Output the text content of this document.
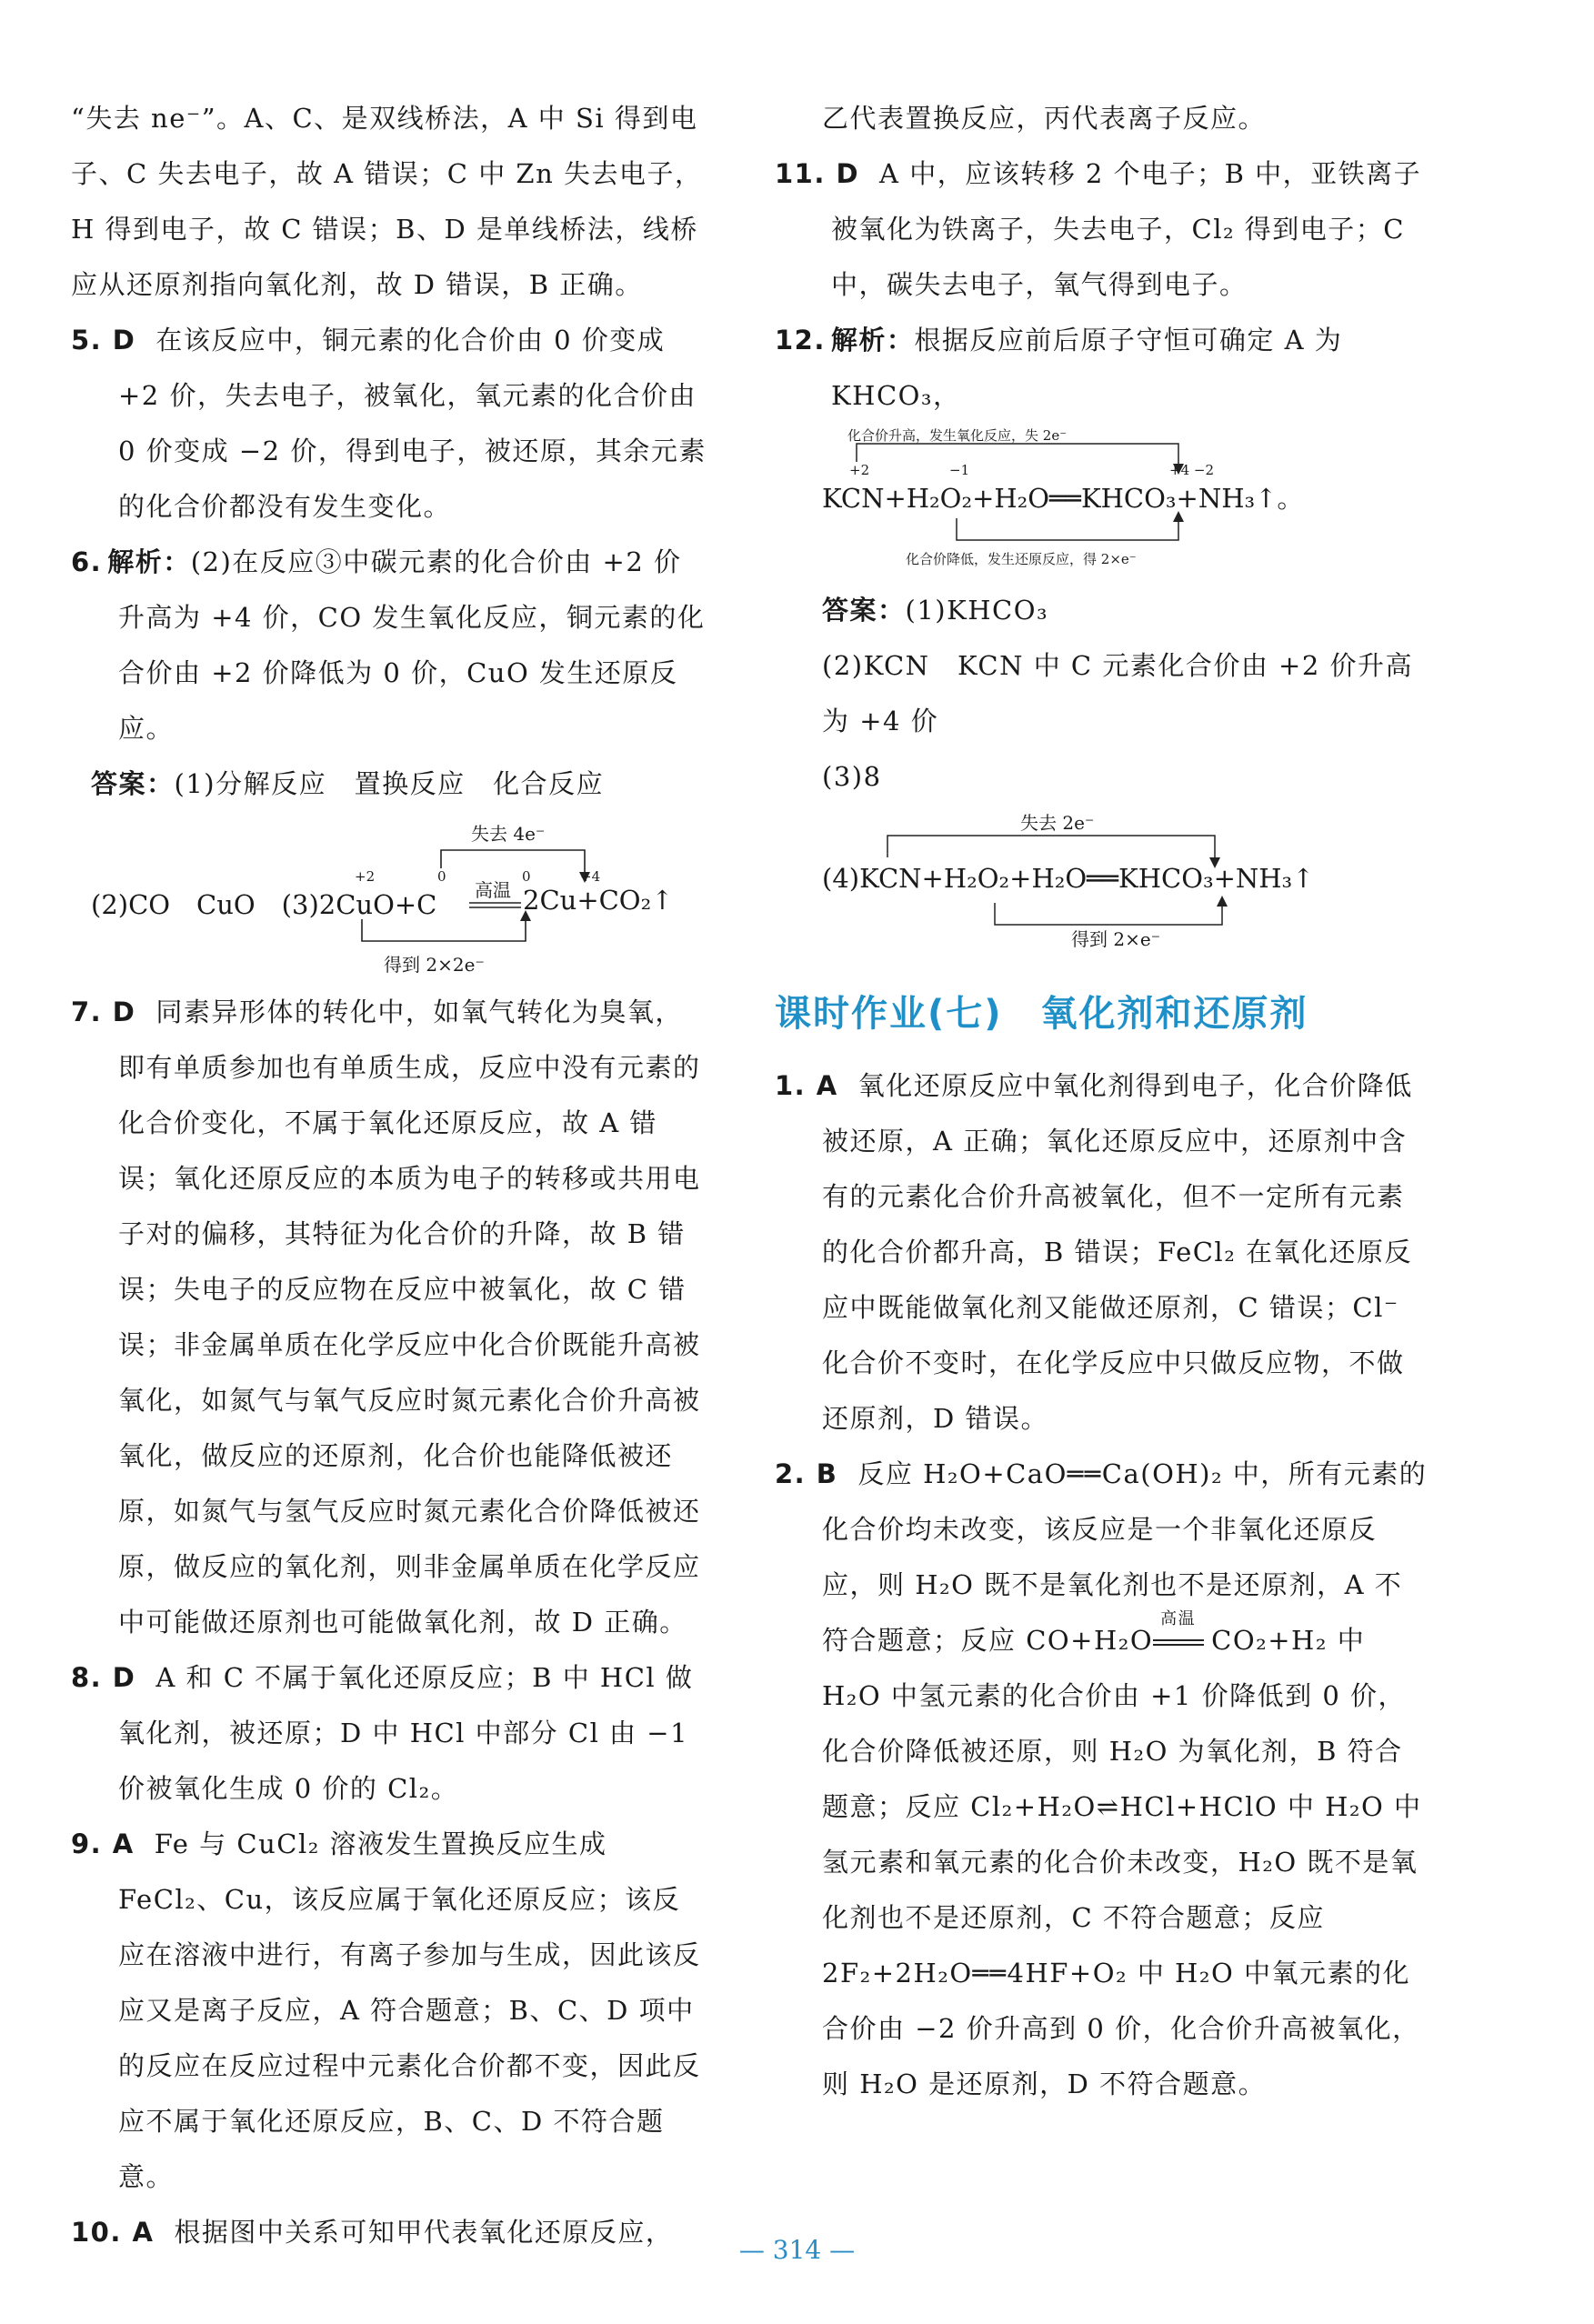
“失去 ne⁻”。A、C、是双线桥法，A 中 Si 得到电子、C 失去电子，故 A 错误；C 中 Zn 失去电子，H 得到电子，故 C 错误；B、D 是单线桥法，线桥应从还原剂指向氧化剂，故 D 错误，B 正确。

5. D 在该反应中，铜元素的化合价由 0 价变成 +2 价，失去电子，被氧化，氧元素的化合价由 0 价变成 −2 价，得到电子，被还原，其余元素的化合价都没有发生变化。

6. 解析：(2)在反应③中碳元素的化合价由 +2 价升高为 +4 价，CO 发生氧化反应，铜元素的化合价由 +2 价降低为 0 价，CuO 发生还原反应。

答案：(1)分解反应　置换反应　化合反应

失去 4e⁻
+2	0	0	+4
高温
(2)CO　CuO　(3)2CuO+C	2Cu+CO₂↑
得到 2×2e⁻

7. D 同素异形体的转化中，如氧气转化为臭氧，即有单质参加也有单质生成，反应中没有元素的化合价变化，不属于氧化还原反应，故 A 错误；氧化还原反应的本质为电子的转移或共用电子对的偏移，其特征为化合价的升降，故 B 错误；失电子的反应物在反应中被氧化，故 C 错误；非金属单质在化学反应中化合价既能升高被氧化，如氮气与氧气反应时氮元素化合价升高被氧化，做反应的还原剂，化合价也能降低被还原，如氮气与氢气反应时氮元素化合价降低被还原，做反应的氧化剂，则非金属单质在化学反应中可能做还原剂也可能做氧化剂，故 D 正确。

8. D A 和 C 不属于氧化还原反应；B 中 HCl 做氧化剂，被还原；D 中 HCl 中部分 Cl 由 −1 价被氧化生成 0 价的 Cl₂。

9. A Fe 与 CuCl₂ 溶液发生置换反应生成 FeCl₂、Cu，该反应属于氧化还原反应；该反应在溶液中进行，有离子参加与生成，因此该反应又是离子反应，A 符合题意；B、C、D 项中的反应在反应过程中元素化合价都不变，因此反应不属于氧化还原反应，B、C、D 不符合题意。

10. A 根据图中关系可知甲代表氧化还原反应，

乙代表置换反应，丙代表离子反应。

11. D A 中，应该转移 2 个电子；B 中，亚铁离子被氧化为铁离子，失去电子，Cl₂ 得到电子；C 中，碳失去电子，氧气得到电子。

12. 解析：根据反应前后原子守恒可确定 A 为 KHCO₃，

化合价升高，发生氧化反应，失 2e⁻
+2	−1	+4 −2
KCN+H₂O₂+H₂O══KHCO₃+NH₃↑。
化合价降低，发生还原反应，得 2×e⁻

答案：(1)KHCO₃

(2)KCN　KCN 中 C 元素化合价由 +2 价升高为 +4 价

(3)8

失去 2e⁻
(4)KCN+H₂O₂+H₂O══KHCO₃+NH₃↑
得到 2×e⁻
课时作业(七)　氧化剂和还原剂

1. A 氧化还原反应中氧化剂得到电子，化合价降低被还原，A 正确；氧化还原反应中，还原剂中含有的元素化合价升高被氧化，但不一定所有元素的化合价都升高，B 错误；FeCl₂ 在氧化还原反应中既能做氧化剂又能做还原剂，C 错误；Cl⁻ 化合价不变时，在化学反应中只做反应物，不做还原剂，D 错误。

2. B 反应 H₂O+CaO══Ca(OH)₂ 中，所有元素的化合价均未改变，该反应是一个非氧化还原反应，则 H₂O 既不是氧化剂也不是还原剂，A 不符合题意；反应 CO+H₂O
高温
CO₂+H₂ 中 H₂O 中氢元素的化合价由 +1 价降低到 0 价，化合价降低被还原，则 H₂O 为氧化剂，B 符合题意；反应 Cl₂+H₂O⇌HCl+HClO 中 H₂O 中氢元素和氧元素的化合价未改变，H₂O 既不是氧化剂也不是还原剂，C 不符合题意；反应 2F₂+2H₂O══4HF+O₂ 中 H₂O 中氧元素的化合价由 −2 价升高到 0 价，化合价升高被氧化，则 H₂O 是还原剂，D 不符合题意。

— 314 —
